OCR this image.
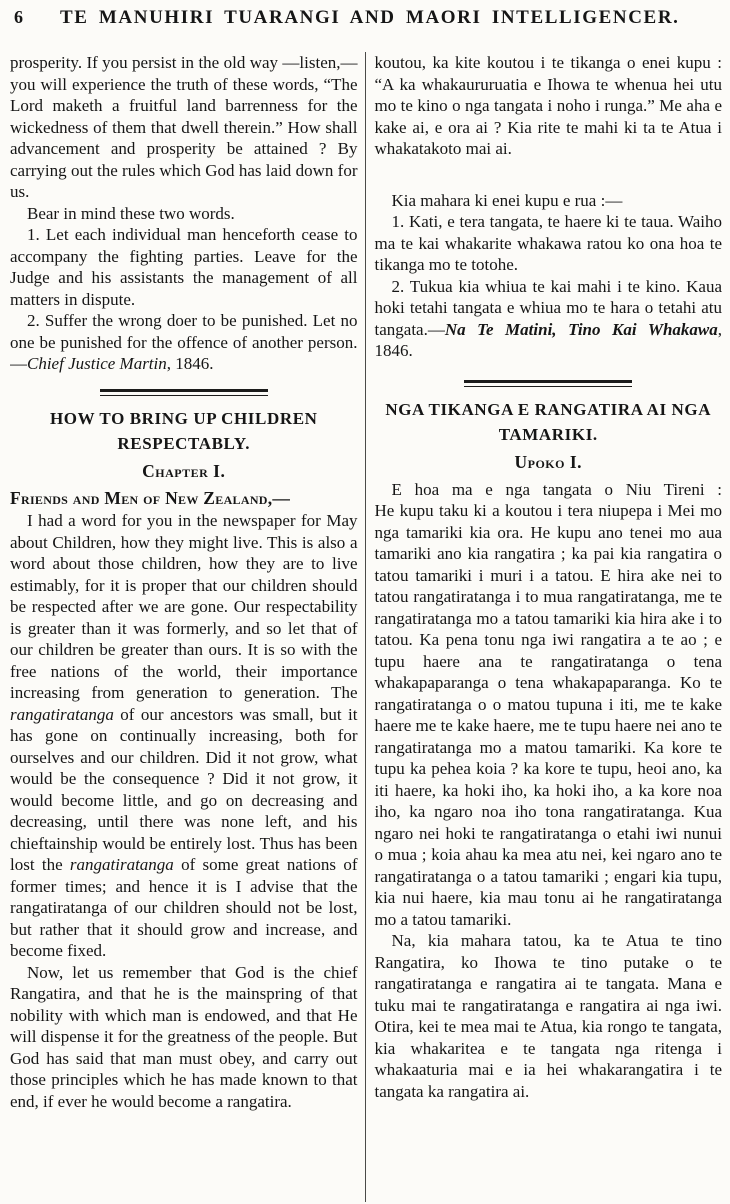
6 TE MANUHIRI TUARANGI AND MAORI INTELLIGENCER.

prosperity. If you persist in the old way —listen,—you will experience the truth of these words, “The Lord maketh a fruitful land barrenness for the wickedness of them that dwell therein.” How shall advancement and prosperity be attained ? By carrying out the rules which God has laid down for us.

Bear in mind these two words.

1. Let each individual man henceforth cease to accompany the fighting parties. Leave for the Judge and his assistants the management of all matters in dispute.

2. Suffer the wrong doer to be punished. Let no one be punished for the offence of another person.—Chief Justice Martin, 1846.

HOW TO BRING UP CHILDREN RESPECTABLY.
Chapter I.
Friends and Men of New Zealand,—

I had a word for you in the newspaper for May about Children, how they might live. This is also a word about those children, how they are to live estimably, for it is proper that our children should be respected after we are gone. Our respectability is greater than it was formerly, and so let that of our children be greater than ours. It is so with the free nations of the world, their importance increasing from generation to generation. The rangatiratanga of our ancestors was small, but it has gone on continually increasing, both for ourselves and our children. Did it not grow, what would be the consequence ? Did it not grow, it would become little, and go on decreasing and decreasing, until there was none left, and his chieftainship would be entirely lost. Thus has been lost the rangatiratanga of some great nations of former times; and hence it is I advise that the rangatiratanga of our children should not be lost, but rather that it should grow and increase, and become fixed.

Now, let us remember that God is the chief Rangatira, and that he is the mainspring of that nobility with which man is endowed, and that He will dispense it for the greatness of the people. But God has said that man must obey, and carry out those principles which he has made known to that end, if ever he would become a rangatira.

koutou, ka kite koutou i te tikanga o enei kupu : “A ka whakaururuatia e Ihowa te whenua hei utu mo te kino o nga tangata i noho i runga.” Me aha e kake ai, e ora ai ? Kia rite te mahi ki ta te Atua i whakatakoto mai ai.

Kia mahara ki enei kupu e rua :—

1. Kati, e tera tangata, te haere ki te taua. Waiho ma te kai whakarite whakawa ratou ko ona hoa te tikanga mo te totohe.

2. Tukua kia whiua te kai mahi i te kino. Kaua hoki tetahi tangata e whiua mo te hara o tetahi atu tangata.—Na Te Matini, Tino Kai Whakawa, 1846.

NGA TIKANGA E RANGATIRA AI NGA TAMARIKI.
Upoko I.

E hoa ma e nga tangata o Niu Tireni :

He kupu taku ki a koutou i tera niupepa i Mei mo nga tamariki kia ora. He kupu ano tenei mo aua tamariki ano kia rangatira ; ka pai kia rangatira o tatou tamariki i muri i a tatou. E hira ake nei to tatou rangatiratanga i to mua rangatiratanga, me te rangatiratanga mo a tatou tamariki kia hira ake i to tatou. Ka pena tonu nga iwi rangatira a te ao ; e tupu haere ana te rangatiratanga o tena whakapaparanga o tena whakapaparanga. Ko te rangatiratanga o o matou tupuna i iti, me te kake haere me te kake haere, me te tupu haere nei ano te rangatiratanga mo a matou tamariki. Ka kore te tupu ka pehea koia ? ka kore te tupu, heoi ano, ka iti haere, ka hoki iho, ka hoki iho, a ka kore noa iho, ka ngaro noa iho tona rangatiratanga. Kua ngaro nei hoki te rangatiratanga o etahi iwi nunui o mua ; koia ahau ka mea atu nei, kei ngaro ano te rangatiratanga o a tatou tamariki ; engari kia tupu, kia nui haere, kia mau tonu ai he rangatiratanga mo a tatou tamariki.

Na, kia mahara tatou, ka te Atua te tino Rangatira, ko Ihowa te tino putake o te rangatiratanga e rangatira ai te tangata. Mana e tuku mai te rangatiratanga e rangatira ai nga iwi. Otira, kei te mea mai te Atua, kia rongo te tangata, kia whakaritea e te tangata nga ritenga i whakaaturia mai e ia hei whakarangatira i te tangata ka rangatira ai.
